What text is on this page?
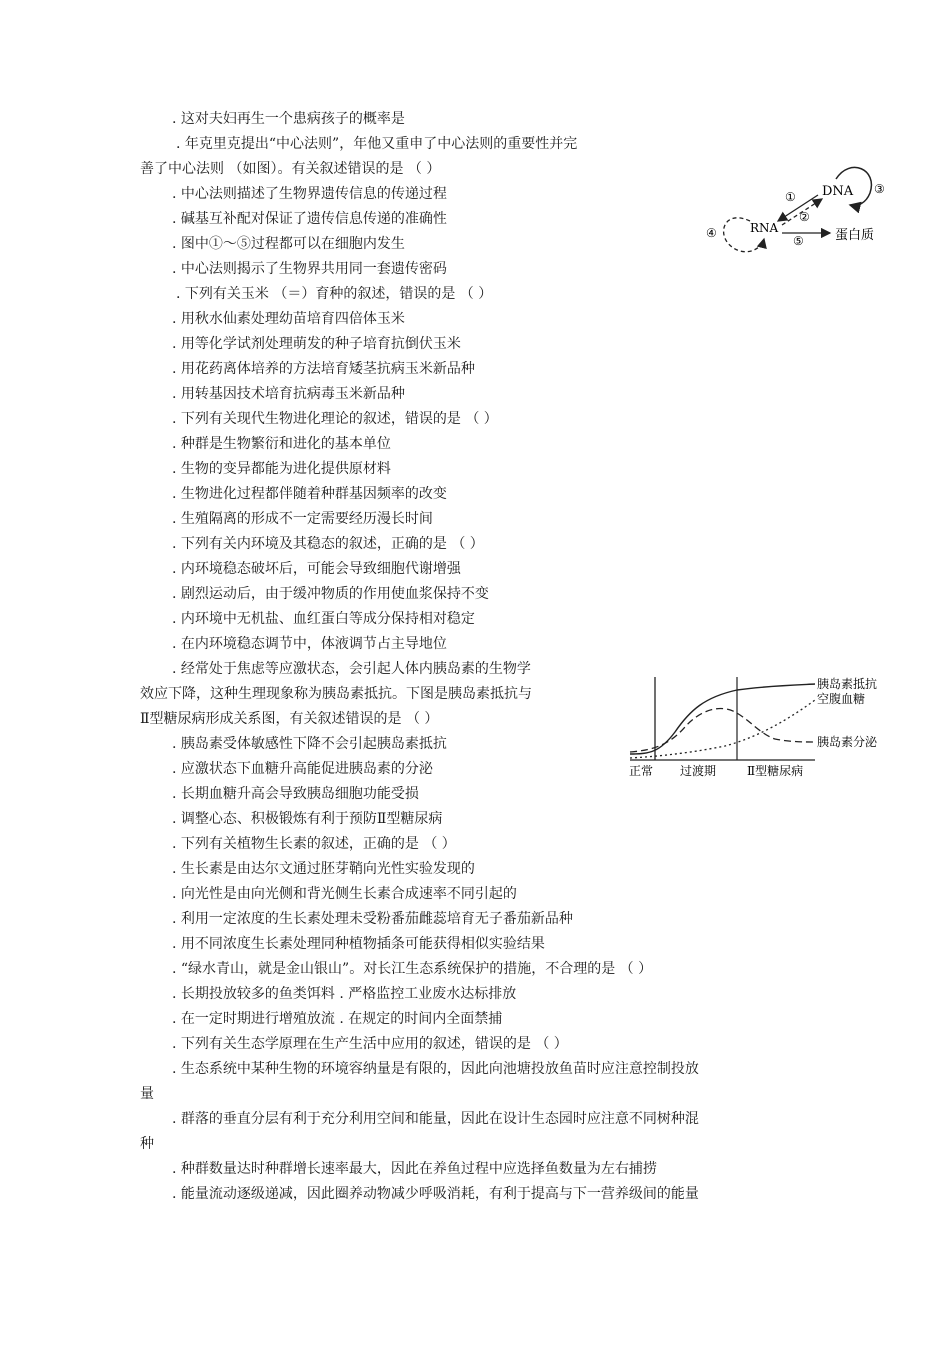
. 这对夫妇再生一个患病孩子的概率是
. 年克里克提出“中心法则”，年他又重申了中心法则的重要性并完
善了中心法则 （如图）。有关叙述错误的是 （ ）
. 中心法则描述了生物界遗传信息的传递过程
. 碱基互补配对保证了遗传信息传递的准确性
. 图中①～⑤过程都可以在细胞内发生
. 中心法则揭示了生物界共用同一套遗传密码
. 下列有关玉米 （＝）育种的叙述，错误的是 （ ）
. 用秋水仙素处理幼苗培育四倍体玉米
. 用等化学试剂处理萌发的种子培育抗倒伏玉米
. 用花药离体培养的方法培育矮茎抗病玉米新品种
. 用转基因技术培育抗病毒玉米新品种
. 下列有关现代生物进化理论的叙述，错误的是 （ ）
. 种群是生物繁衍和进化的基本单位
. 生物的变异都能为进化提供原材料
. 生物进化过程都伴随着种群基因频率的改变
. 生殖隔离的形成不一定需要经历漫长时间
. 下列有关内环境及其稳态的叙述，正确的是 （ ）
. 内环境稳态破坏后，可能会导致细胞代谢增强
. 剧烈运动后，由于缓冲物质的作用使血浆保持不变
. 内环境中无机盐、血红蛋白等成分保持相对稳定
. 在内环境稳态调节中，体液调节占主导地位
. 经常处于焦虑等应激状态，会引起人体内胰岛素的生物学
效应下降，这种生理现象称为胰岛素抵抗。下图是胰岛素抵抗与
Ⅱ型糖尿病形成关系图，有关叙述错误的是 （ ）
. 胰岛素受体敏感性下降不会引起胰岛素抵抗
. 应激状态下血糖升高能促进胰岛素的分泌
. 长期血糖升高会导致胰岛细胞功能受损
. 调整心态、积极锻炼有利于预防Ⅱ型糖尿病
. 下列有关植物生长素的叙述，正确的是 （ ）
. 生长素是由达尔文通过胚芽鞘向光性实验发现的
. 向光性是由向光侧和背光侧生长素合成速率不同引起的
. 利用一定浓度的生长素处理未受粉番茄雌蕊培育无子番茄新品种
. 用不同浓度生长素处理同种植物插条可能获得相似实验结果
. “绿水青山，就是金山银山”。对长江生态系统保护的措施，不合理的是 （ ）
. 长期投放较多的鱼类饵料 . 严格监控工业废水达标排放
. 在一定时期进行增殖放流 . 在规定的时间内全面禁捕
. 下列有关生态学原理在生产生活中应用的叙述，错误的是 （ ）
. 生态系统中某种生物的环境容纳量是有限的，因此向池塘投放鱼苗时应注意控制投放
量
. 群落的垂直分层有利于充分利用空间和能量，因此在设计生态园时应注意不同树种混
种
. 种群数量达时种群增长速率最大，因此在养鱼过程中应选择鱼数量为左右捕捞
. 能量流动逐级递减，因此圈养动物减少呼吸消耗，有利于提高与下一营养级间的能量
DNA
RNA	蛋白质
①
②
③
④
⑤
胰岛素抵抗
空腹血糖
胰岛素分泌
正常 过渡期	Ⅱ型糖尿病
